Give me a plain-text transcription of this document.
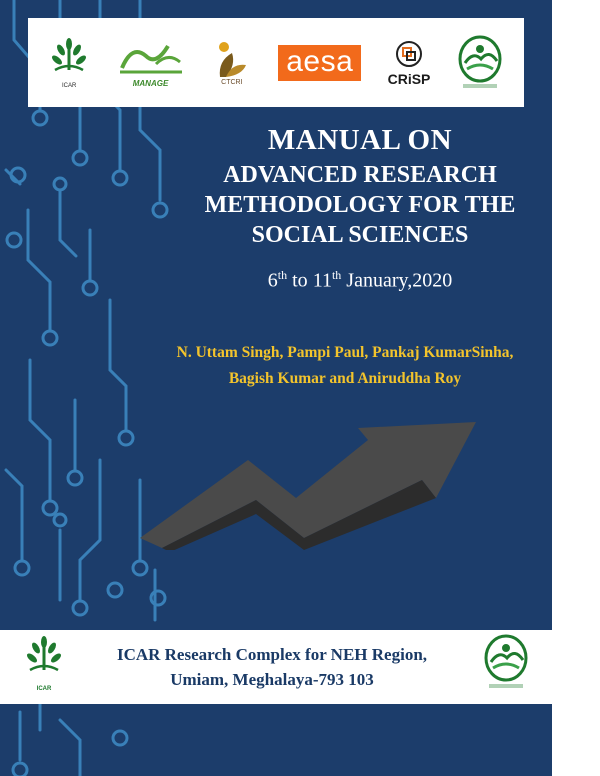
ICAR	MANAGE	CTCRI
aesa
CRiSP
MANUAL ON
ADVANCED RESEARCH
METHODOLOGY FOR THE
SOCIAL SCIENCES
6th to 11th January,2020
N. Uttam Singh, Pampi Paul, Pankaj KumarSinha,
Bagish Kumar and Aniruddha Roy
ICAR
ICAR Research Complex for NEH Region,
Umiam, Meghalaya-793 103
